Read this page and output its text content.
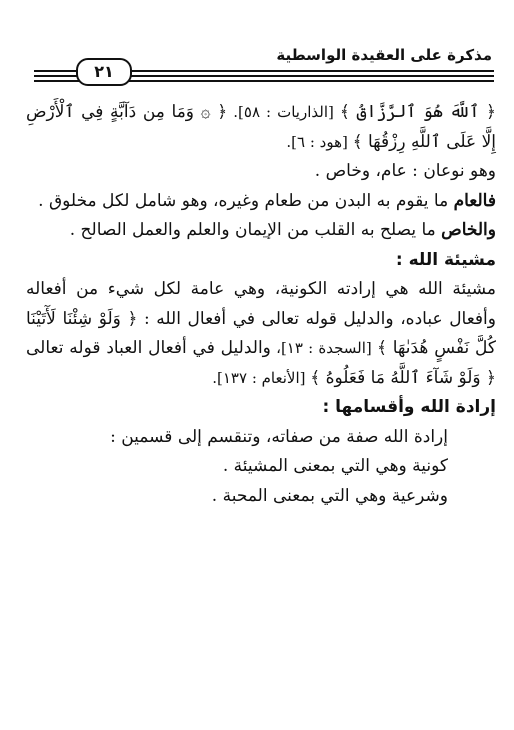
مذكرة على العقيدة الواسطية
٢١

﴿ ٱللَّهَ هُوَ ٱلرَّزَّاقُ ﴾ [الذاريات : ٥٨]. ﴿ ۞ وَمَا مِن دَآبَّةٍ فِي ٱلْأَرْضِ إِلَّا عَلَى ٱللَّهِ رِزْقُهَا ﴾ [هود : ٦].

وهو نوعان : عام، وخاص .

فالعام ما يقوم به البدن من طعام وغيره، وهو شامل لكل مخلوق .

والخاص ما يصلح به القلب من الإيمان والعلم والعمل الصالح .

مشيئة الله :

مشيئة الله هي إرادته الكونية، وهي عامة لكل شيء من أفعاله وأفعال عباده، والدليل قوله تعالى في أفعال الله : ﴿ وَلَوْ شِئْنَا لَأٓتَيْنَا كُلَّ نَفْسٍ هُدَىٰهَا ﴾ [السجدة : ١٣]، والدليل في أفعال العباد قوله تعالى ﴿ وَلَوْ شَآءَ ٱللَّهُ مَا فَعَلُوهُ ﴾ [الأنعام : ١٣٧].

إرادة الله وأقسامها :

إرادة الله صفة من صفاته، وتنقسم إلى قسمين :

كونية وهي التي بمعنى المشيئة .

وشرعية وهي التي بمعنى المحبة .
